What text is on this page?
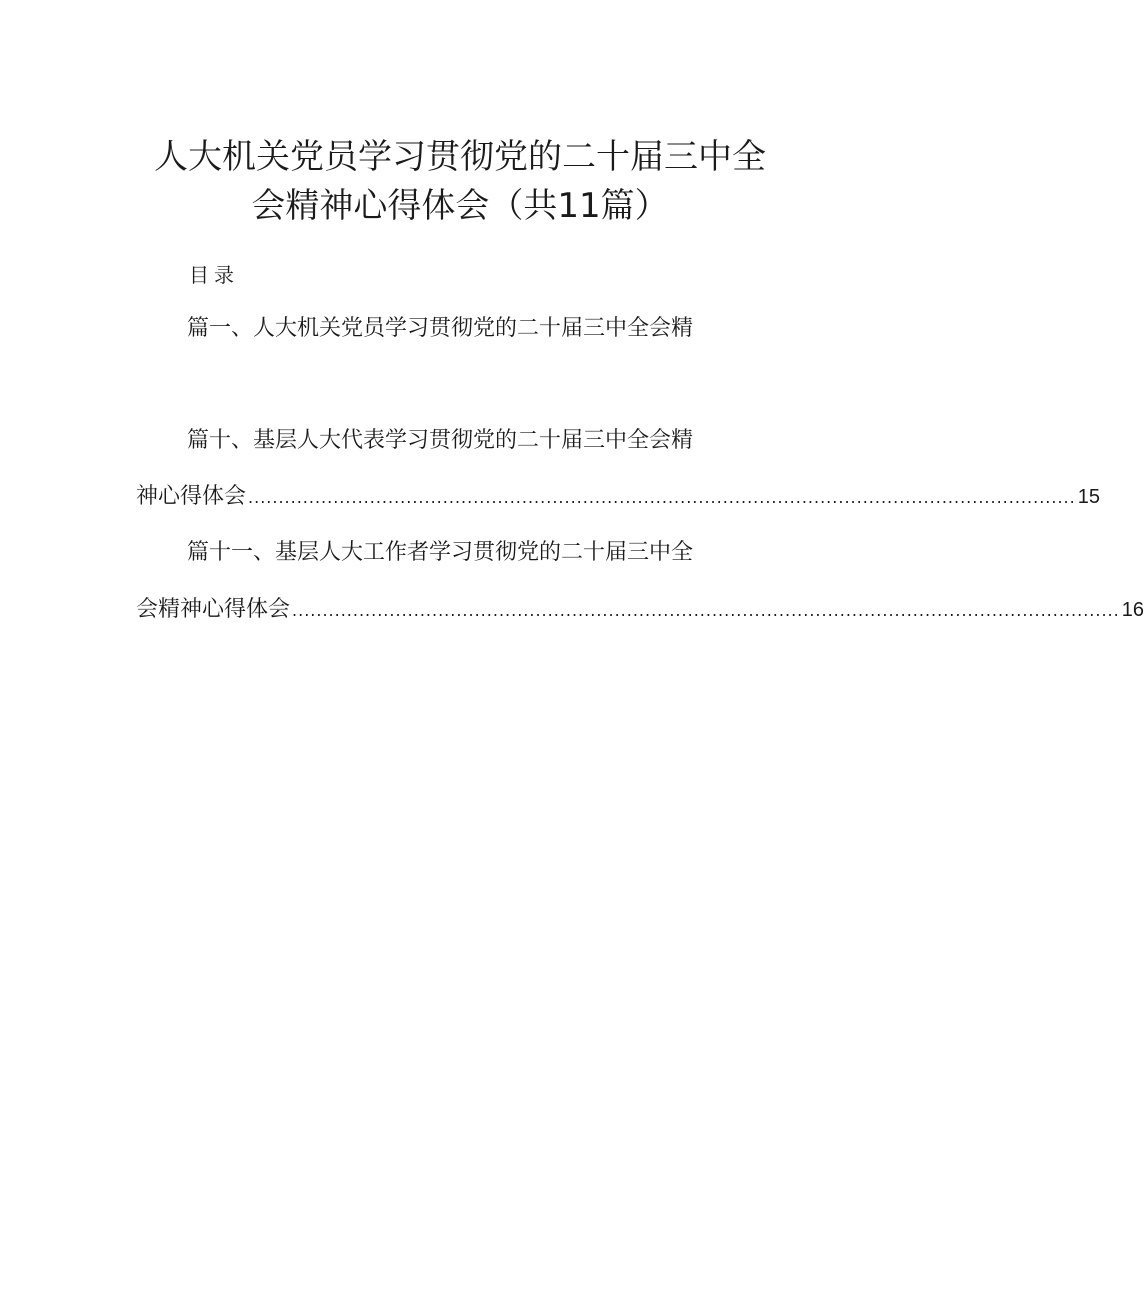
人大机关党员学习贯彻党的二十届三中全
会精神心得体会（共11篇）
目录
篇一、人大机关党员学习贯彻党的二十届三中全会精
篇十、基层人大代表学习贯彻党的二十届三中全会精
神心得体会 ........................................................................................................................................ 15
篇十一、基层人大工作者学习贯彻党的二十届三中全
会精神心得体会 ........................................................................................................................................ 16
